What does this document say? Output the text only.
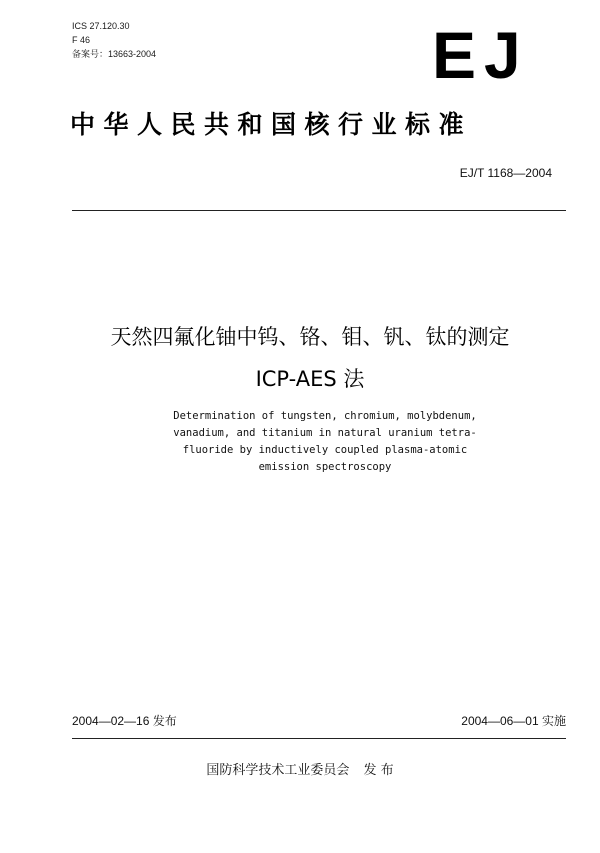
ICS 27.120.30
F 46
备案号：13663-2004	EJ
中华人民共和国核行业标准
EJ/T 1168—2004
天然四氟化铀中钨、铬、钼、钒、钛的测定
ICP-AES 法
Determination of tungsten, chromium, molybdenum,
vanadium, and titanium in natural uranium tetra-
fluoride by inductively coupled plasma-atomic
emission spectroscopy
2004—02—16 发布	2004—06—01 实施
国防科学技术工业委员会 发 布
